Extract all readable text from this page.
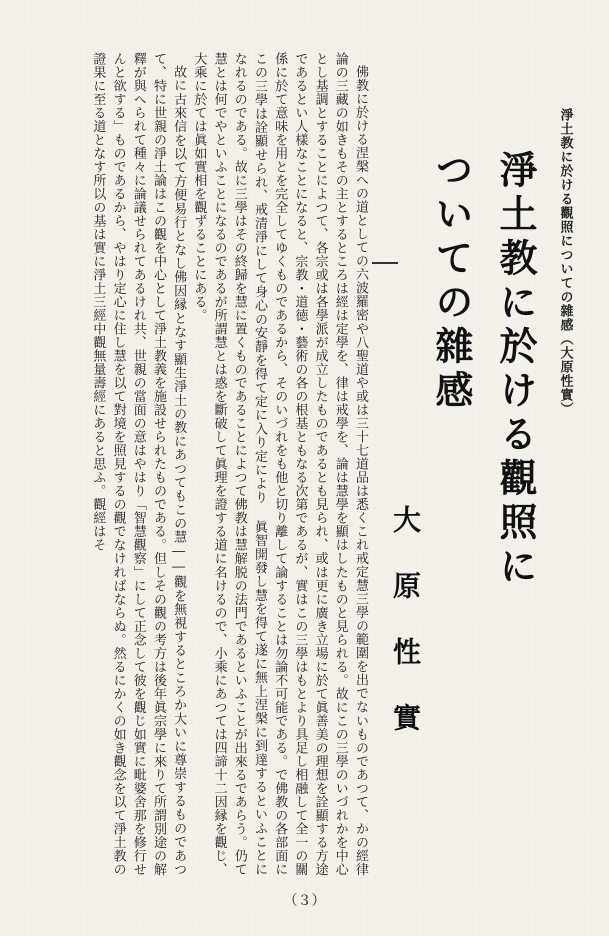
淨土教に於ける觀照についての雜感（大原性實）

淨土教に於ける觀照に
ついての雜感

大原性實

佛教に於ける涅槃への道としての六波羅密や八聖道や或は三十七道品は悉くこれ戒定慧三學の範圍を出でないものであつて、かの經律論の三藏の如きもその主とするところは經は定學を、律は戒學を、論は慧學を顯はしたものと見られる。故にこの三學のいづれかを中心とし基調とすることによつて、各宗或は各學派が成立したものであるとも見られ、或は更に廣き立場に於て眞善美の理想を詮顯する方途であるとい人樣なことになると、宗教・道徳・藝術の各の根基ともなる次第であるが、實はこの三學はもとより具足し相融して全一の關係に於て意味を用とを完全してゆくものであるから、そのいづれをも他と切り離して論することは勿論不可能である。で佛教の各部面にこの三學は詮顯せられ、戒清淨にして身心の安靜を得て定に入り定により 眞智開發し慧を得て遂に無上涅槃に到達するといふことになれるのである。故に三學はその終歸を慧に置くものであることによつて佛教は慧解脱の法門であるといふことが出來るであらう。仍て慧とは何でやといふことになるのであるが所謂慧とは惑を斷破して眞理を證する道に名けるので、小乘にあつては四諦十二因縁を觀じ、大乘に於ては眞如實相を觀ずることにある。

故に古來信を以て方便易行となし佛因縁となす顯生淨土の教にあつてもこの慧――觀を無視するところか大いに尊崇するものであつて、特に世親の淨土論はこの觀を中心として淨土教義を施設せられたものである。但しその觀の考方は後年眞宗學に來りて所謂別途の解釋が與へられて種々に論議せられてあるけれ共、世親の當面の意はやはり「智慧觀察」にして正念して彼を觀じ如實に毗婆舍那を修行せんと欲する」ものであるから、やはり定心に住し慧を以て對境を照見するの觀でなければならぬ。然るにかくの如き觀念を以て淨土教の證果に至る道となす所以の基は實に淨土三經中觀無量壽經にあると思ふ。觀經はそ

（３）
